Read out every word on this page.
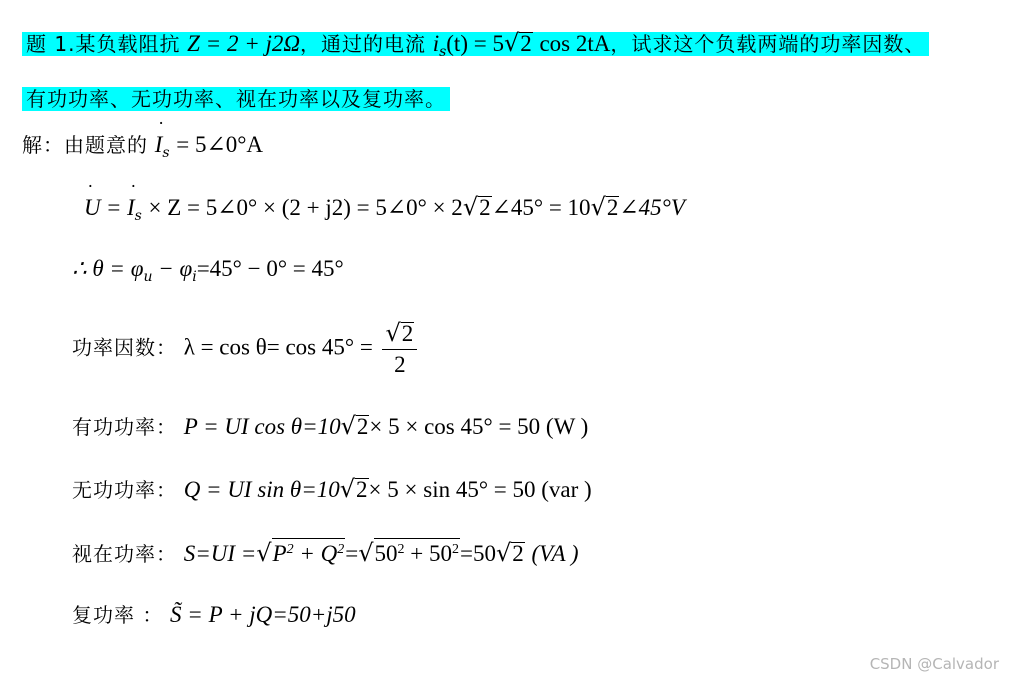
题 1.某负载阻抗 Z = 2 + j2Ω，通过的电流 $i_s(t) = 5√2$ cos 2tA，试求这个负载两端的功率因数、
有功功率、无功功率、视在功率以及复功率。
解：由题意的 ˙ $I_s$ = 5∠0°A
˙ U = ˙ $I_s \times Z$ = 5∠0° × (2 + j2) = 5∠0° × 2√2∠45° = 10√2∠45°V
∴ $\theta = \varphi_u - \varphi_i=45^\circ - 0^\circ = 45^\circ$
功率因数： $\lambda = \cos \theta= \cos 45^\circ = \frac{√2}{2}$
有功功率： P = UI cos θ=10√2× 5 × cos 45° = 50 (W )
无功功率： Q = UI sin θ=10√2× 5 × sin 45° = 50 (var )
视在功率： $S=UI =√P^2 + Q^2=√50^2 + 50^2=50√2$ (VA )
复功率 ： S̃ = P + jQ=50+j50
CSDN @Calvador
